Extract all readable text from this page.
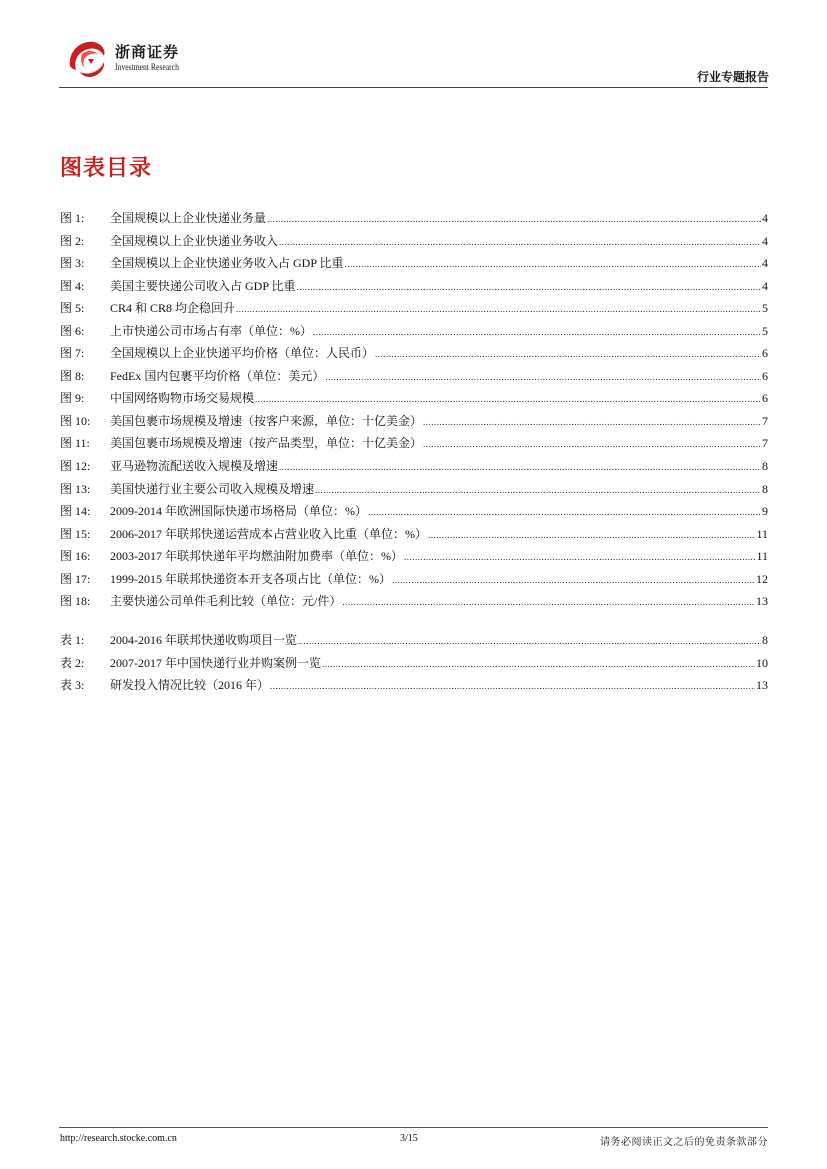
浙商证券
Investment Research
行业专题报告
图表目录
图 1:	全国规模以上企业快递业务量 .....	4
图 2:	全国规模以上企业快递业务收入 .....	4
图 3:	全国规模以上企业快递业务收入占 GDP 比重 .....	4
图 4:	美国主要快递公司收入占 GDP 比重 .....	4
图 5:	CR4 和 CR8 均企稳回升 .....	5
图 6:	上市快递公司市场占有率（单位：%） .....	5
图 7:	全国规模以上企业快递平均价格（单位：人民币） .....	6
图 8:	FedEx 国内包裹平均价格（单位：美元） .....	6
图 9:	中国网络购物市场交易规模 .....	6
图 10:	美国包裹市场规模及增速（按客户来源，单位：十亿美金） .....	7
图 11:	美国包裹市场规模及增速（按产品类型，单位：十亿美金） .....	7
图 12:	亚马逊物流配送收入规模及增速 .....	8
图 13:	美国快递行业主要公司收入规模及增速 .....	8
图 14:	2009-2014 年欧洲国际快递市场格局（单位：%） .....	9
图 15:	2006-2017 年联邦快递运营成本占营业收入比重（单位：%） .....	11
图 16:	2003-2017 年联邦快递年平均燃油附加费率（单位：%） .....	11
图 17:	1999-2015 年联邦快递资本开支各项占比（单位：%） .....	12
图 18:	主要快递公司单件毛利比较（单位：元/件） .....	13
表 1:	2004-2016 年联邦快递收购项目一览 .....	8
表 2:	2007-2017 年中国快递行业并购案例一览 .....	10
表 3:	研发投入情况比较（2016 年） .....	13
http://research.stocke.com.cn	3/15	请务必阅读正文之后的免责条款部分
